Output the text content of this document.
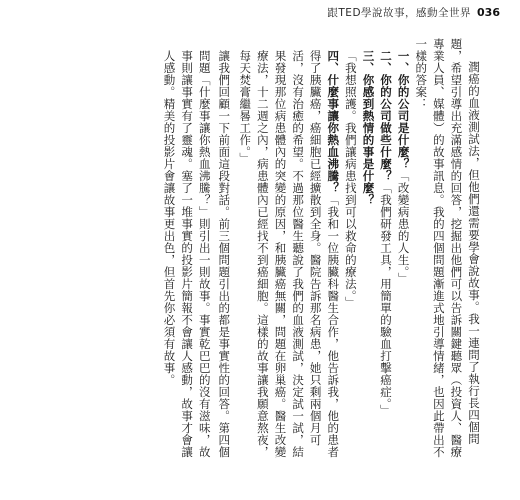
跟TED學說故事，感動全世界 036

潤癌的血液測試法，但他們還需要學會說故事。我一連問了執行長四個問題，希望引導出充滿感情的回答，挖掘出他們可以告訴關鍵聽眾（投資人、醫療專業人員、媒體）的故事訊息。我的四個問題漸進式地引導情緒，也因此帶出不一樣的答案：

一、你的公司是什麼？「改變病患的人生。」

二、你的公司做些什麼？「我們研發工具，用簡單的驗血打擊癌症。」

三、你感到熱情的事是什麼？「我想照護。我們讓病患找到可以救命的療法。」

四、什麼事讓你熱血沸騰？「我和一位胰臟科醫生合作，他告訴我，他的患者得了胰臟癌，癌細胞已經擴散到全身。醫院告訴那名病患，她只剩兩個月可活，沒有治癒的希望。不過那位醫生聽說了我們的血液測試，決定試一試，結果發現那位病患體內的突變的原因，和胰臟癌無關，問題在卵巢癌。醫生改變療法，十二週之內，病患體內已經找不到癌細胞。這樣的故事讓我願意熬夜，每天焚膏繼晷工作。」

讓我們回顧一下前面這段對話。前三個問題引出的都是事實性的回答。第四個問題「什麼事讓你熱血沸騰？」則引出一則故事。事實乾巴巴的沒有滋味，故事則讓事實有了靈魂。塞了一堆事實的投影片簡報不會讓人感動，故事才會讓人感動。精美的投影片會讓故事更出色，但首先你必須有故事。
